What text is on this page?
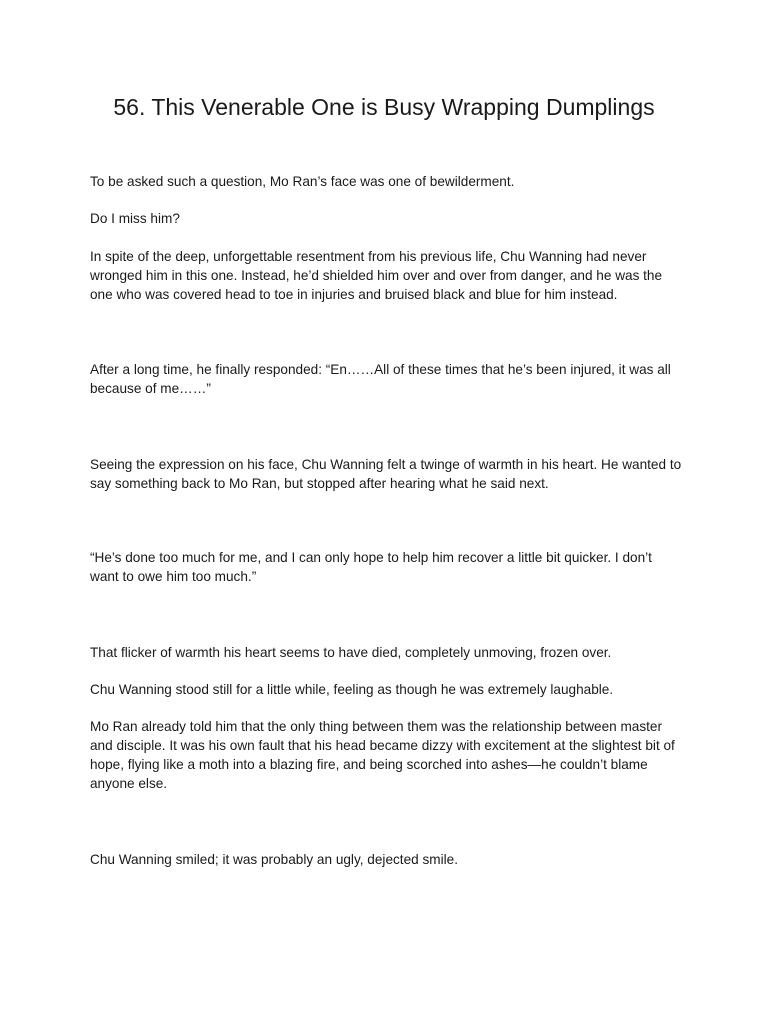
56. This Venerable One is Busy Wrapping Dumplings

To be asked such a question, Mo Ran’s face was one of bewilderment.

Do I miss him?

In spite of the deep, unforgettable resentment from his previous life, Chu Wanning had never wronged him in this one. Instead, he’d shielded him over and over from danger, and he was the one who was covered head to toe in injuries and bruised black and blue for him instead.

After a long time, he finally responded: “En……All of these times that he’s been injured, it was all because of me……”

Seeing the expression on his face, Chu Wanning felt a twinge of warmth in his heart. He wanted to say something back to Mo Ran, but stopped after hearing what he said next.

“He’s done too much for me, and I can only hope to help him recover a little bit quicker. I don’t want to owe him too much.”

That flicker of warmth his heart seems to have died, completely unmoving, frozen over.

Chu Wanning stood still for a little while, feeling as though he was extremely laughable.

Mo Ran already told him that the only thing between them was the relationship between master and disciple. It was his own fault that his head became dizzy with excitement at the slightest bit of hope, flying like a moth into a blazing fire, and being scorched into ashes—he couldn’t blame anyone else.

Chu Wanning smiled; it was probably an ugly, dejected smile.
